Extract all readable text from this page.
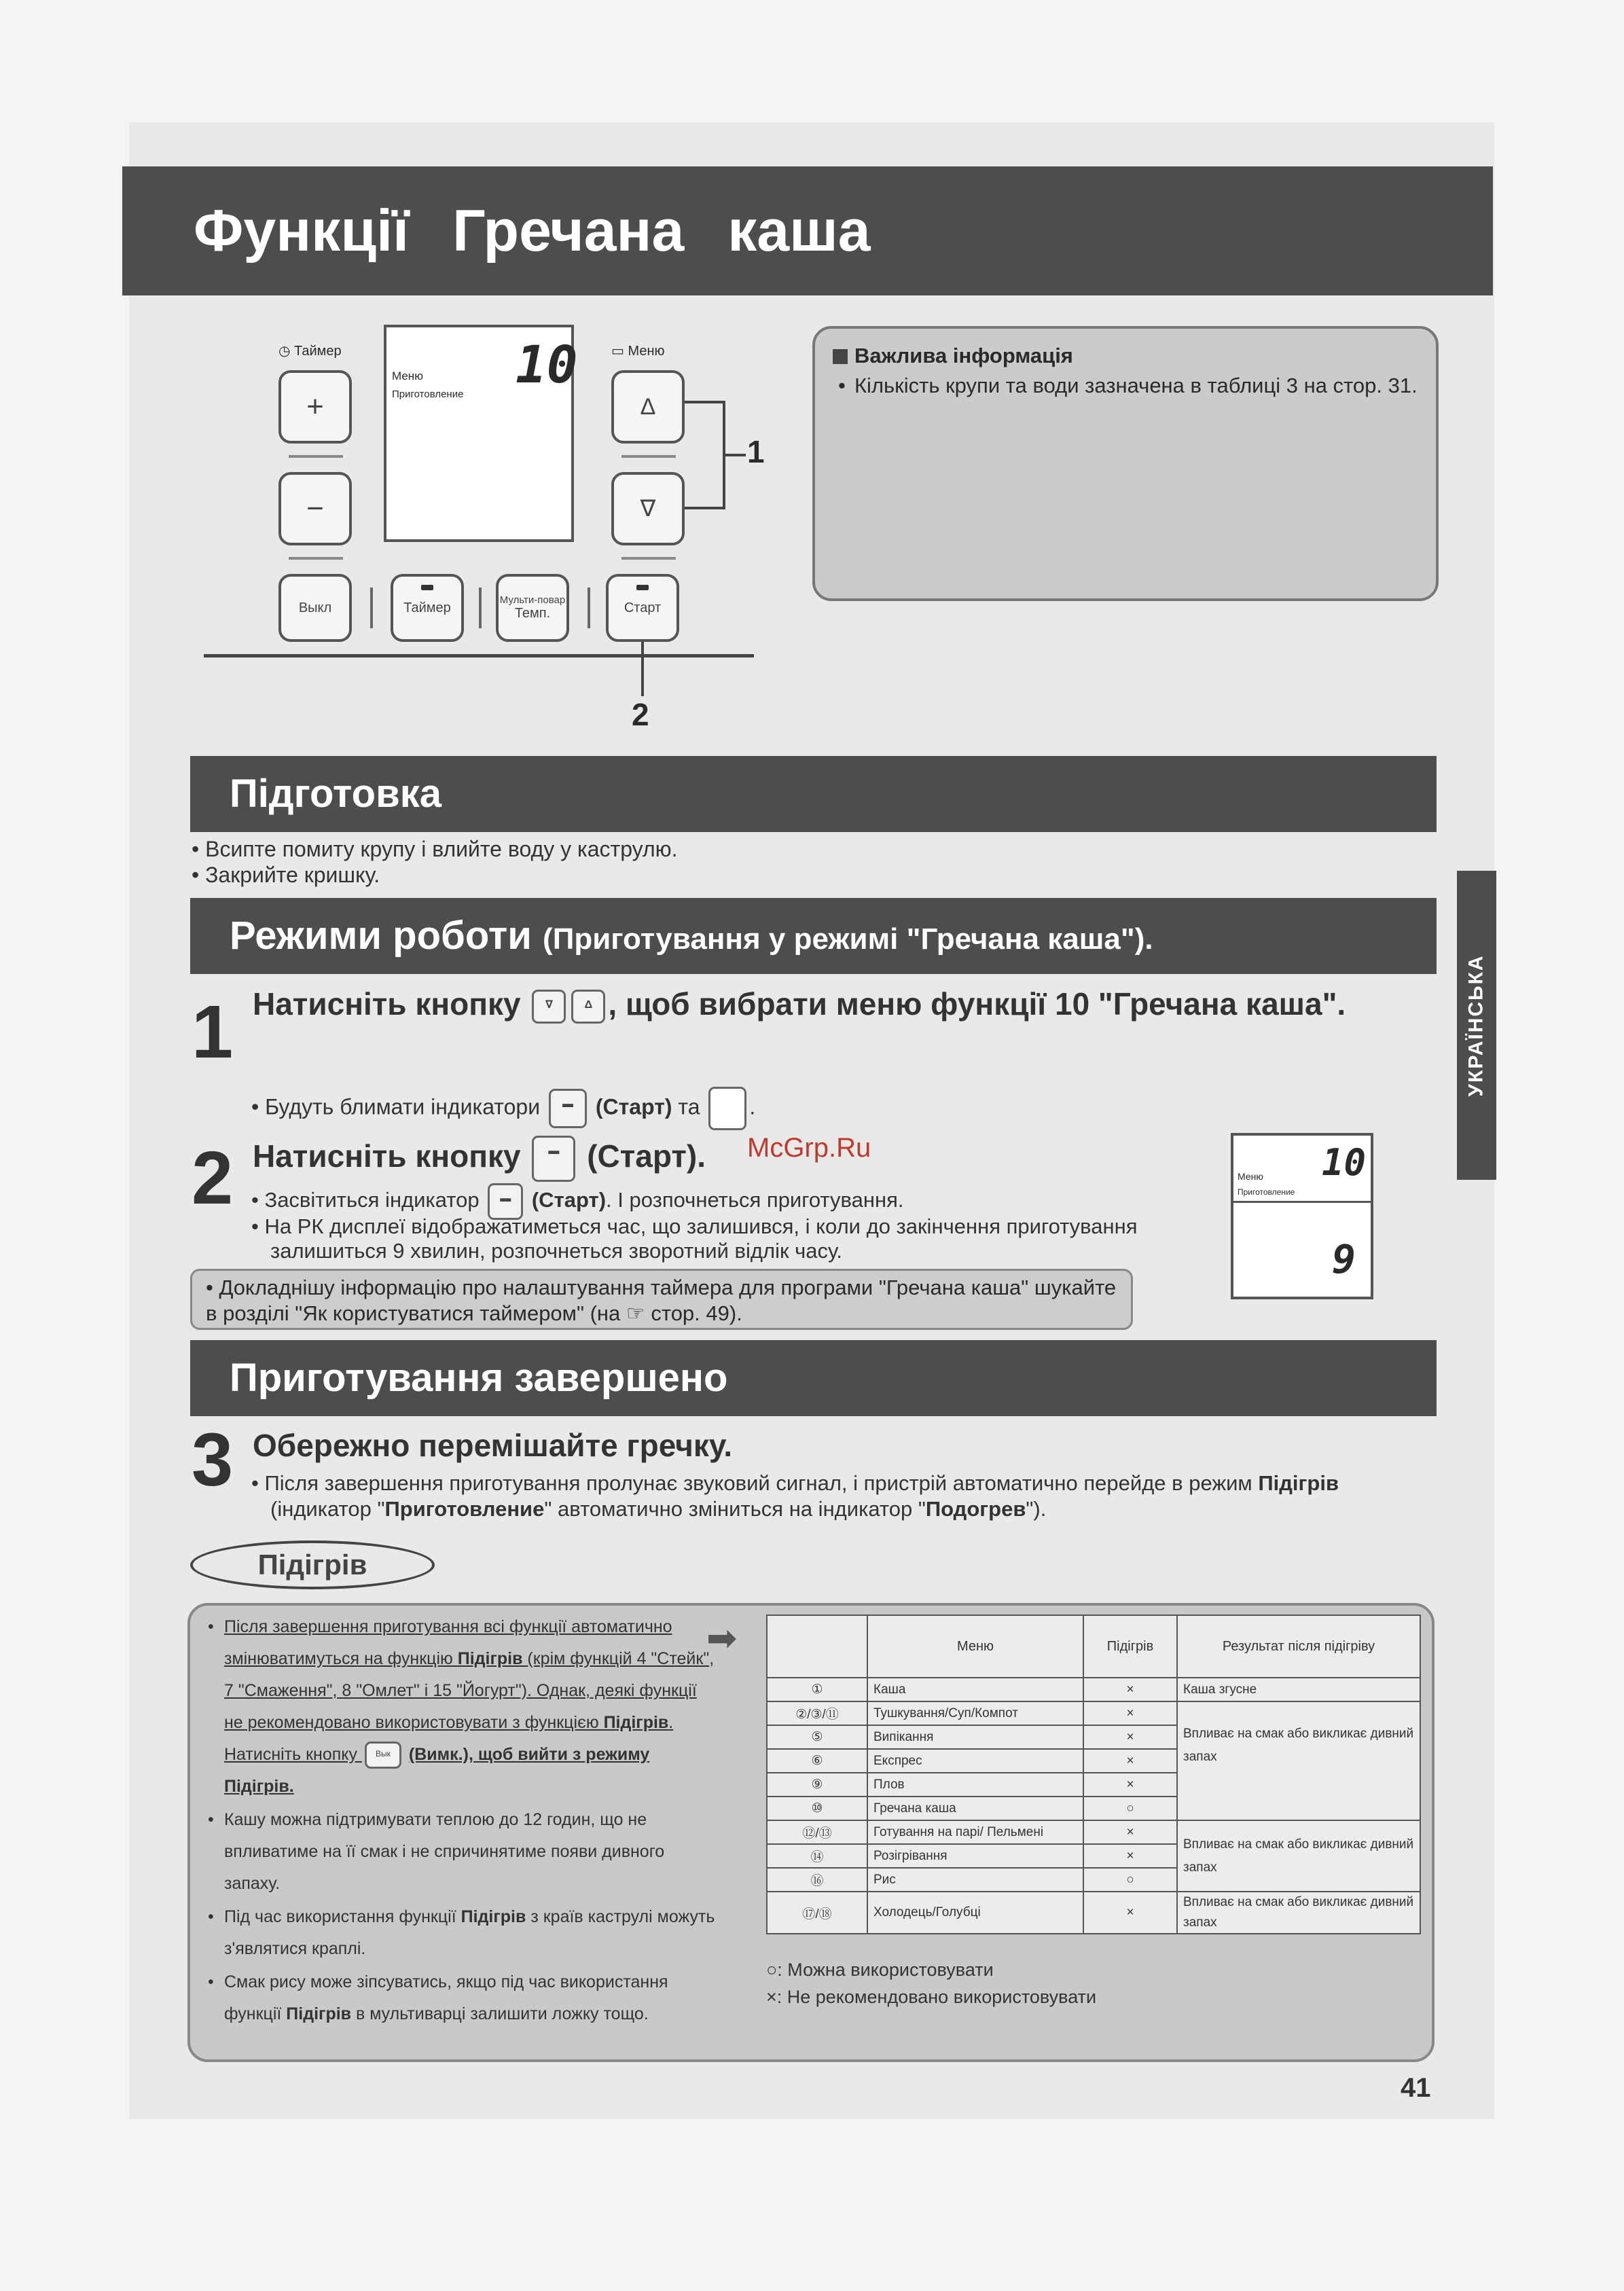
Функції Гречана каша
◷ Таймер	▭ Меню
+
−
Меню
Приготовление 10
Δ
∇
1
Выкл	Таймер	Мульти-повар
Темп.	Старт
2
Важлива інформація
• Кількість крупи та води зазначена в таблиці 3 на стор. 31.
Підготовка
• Всипте помиту крупу і влийте воду у каструлю.
• Закрийте кришку.
Режими роботи (Приготування у режимі "Гречана каша").
1 Натисніть кнопку ∇	Δ , щоб вибрати меню функції 10 "Гречана каша".
• Будуть блимати індикатори ▬ (Старт) та .
2 Натисніть кнопку	▬ (Старт). McGrp.Ru
• Засвітиться індикатор ▬ (Старт). І розпочнеться приготування.
• На РК дисплеї відображатиметься час, що залишився, і коли до закінчення приготування залишиться 9 хвилин, розпочнеться зворотний відлік часу.
Меню
Приготовление
10
9
• Докладнішу інформацію про налаштування таймера для програми "Гречана каша" шукайте в розділі "Як користуватися таймером" (на ☞ стор. 49).
Приготування завершено
3 Обережно перемішайте гречку.
• Після завершення приготування пролунає звуковий сигнал, і пристрій автоматично перейде в режим Підігрів (індикатор "Приготовление" автоматично зміниться на індикатор "Подогрев").
Підігрів

• Після завершення приготування всі функції автоматично змінюватимуться на функцію Підігрів (крім функцій 4 "Стейк", 7 "Смаження", 8 "Омлет" і 15 "Йогурт"). Однак, деякі функції не рекомендовано використовувати з функцією Підігрів. Натисніть кнопку Вык (Вимк.), щоб вийти з режиму Підігрів.

• Кашу можна підтримувати теплою до 12 годин, що не впливатиме на її смак і не спричинятиме появи дивного запаху.

• Під час використання функції Підігрів з країв каструлі можуть з'являтися краплі.

• Смак рису може зіпсуватись, якщо під час використання функції Підігрів в мультиварці залишити ложку тощо.

➡
		Меню	Підігрів	Результат після підігріву
①	Каша	×	Каша згусне
②/③/⑪	Тушкування/Суп/Компот	×	Впливає на смак або викликає дивний запах
⑤	Випікання	×	
⑥	Експрес	×	
⑨	Плов	×	
⑩	Гречана каша	○	
⑫/⑬	Готування на парі/ Пельмені	×	Впливає на смак або викликає дивний запах
⑭	Розігрівання	×	
⑯	Рис	○	
⑰/⑱	Холодець/Голубці	×	Впливає на смак або викликає дивний запах
○: Можна використовувати
×: Не рекомендовано використовувати
УКРАЇНСЬКА
41
